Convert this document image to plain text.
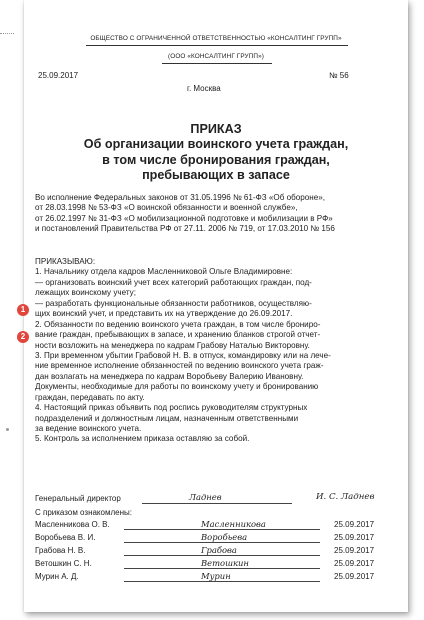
ОБЩЕСТВО С ОГРАНИЧЕННОЙ ОТВЕТСТВЕННОСТЬЮ «КОНСАЛТИНГ ГРУПП»
(ООО «КОНСАЛТИНГ ГРУПП»)
25.09.2017	№ 56
г. Москва
ПРИКАЗ
Об организации воинского учета граждан,
в том числе бронирования граждан,
пребывающих в запасе
Во исполнение Федеральных законов от 31.05.1996 № 61-ФЗ «Об обороне»,
от 28.03.1998 № 53-ФЗ «О воинской обязанности и военной службе»,
от 26.02.1997 № 31-ФЗ «О мобилизационной подготовке и мобилизации в РФ»
и постановлений Правительства РФ от 27.11. 2006 № 719, от 17.03.2010 № 156
ПРИКАЗЫВАЮ:
1. Начальнику отдела кадров Масленниковой Ольге Владимировне:
— организовать воинский учет всех категорий работающих граждан, под-
лежащих воинскому учету;
— разработать функциональные обязанности работников, осуществляю-
щих воинский учет, и представить их на утверждение до 26.09.2017.
2. Обязанности по ведению воинского учета граждан, в том числе брониро-
вание граждан, пребывающих в запасе, и хранению бланков строгой отчет-
ности возложить на менеджера по кадрам Грабову Наталью Викторовну.
3. При временном убытии Грабовой Н. В. в отпуск, командировку или на лече-
ние временное исполнение обязанностей по ведению воинского учета граж-
дан возлагать на менеджера по кадрам Воробьеву Валерию Ивановну.
Документы, необходимые для работы по воинскому учету и бронированию
граждан, передавать по акту.
4. Настоящий приказ объявить под роспись руководителям структурных
подразделений и должностным лицам, назначенным ответственными
за ведение воинского учета.
5. Контроль за исполнением приказа оставляю за собой.
1
2
Генеральный директор	Ладнев	И. С. Ладнев
С приказом ознакомлены:
Масленникова О. В.	Масленникова	25.09.2017
Воробьева В. И.	Воробьева	25.09.2017
Грабова Н. В.	Грабова	25.09.2017
Ветошкин С. Н.	Ветошкин	25.09.2017
Мурин А. Д.	Мурин	25.09.2017
